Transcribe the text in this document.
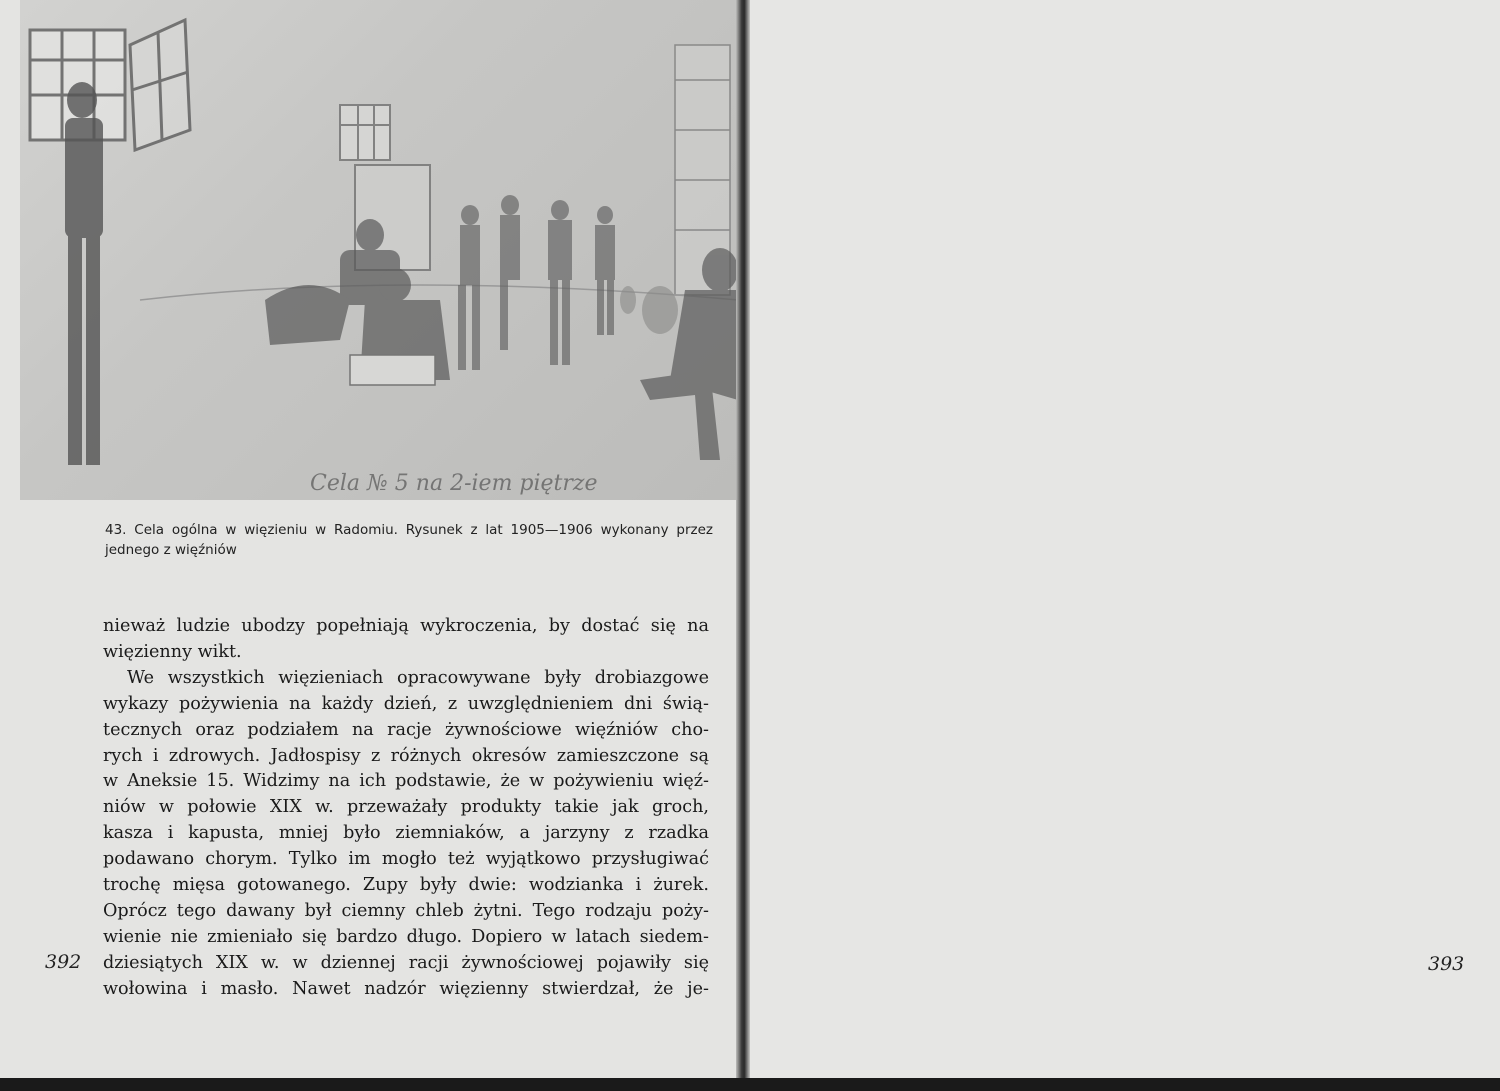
Cela № 5 na 2-iem piętrze
43. Cela ogólna w więzieniu w Radomiu. Rysunek z lat 1905—1906 wykonany przez jednego z więźniów
nieważ ludzie ubodzy popełniają wykroczenia, by dostać się na
więzienny wikt.
We wszystkich więzieniach opracowywane były drobiazgowe
wykazy pożywienia na każdy dzień, z uwzględnieniem dni świą-
tecznych oraz podziałem na racje żywnościowe więźniów cho-
rych i zdrowych. Jadłospisy z różnych okresów zamieszczone są
w Aneksie 15. Widzimy na ich podstawie, że w pożywieniu więź-
niów w połowie XIX w. przeważały produkty takie jak groch,
kasza i kapusta, mniej było ziemniaków, a jarzyny z rzadka
podawano chorym. Tylko im mogło też wyjątkowo przysługiwać
trochę mięsa gotowanego. Zupy były dwie: wodzianka i żurek.
Oprócz tego dawany był ciemny chleb żytni. Tego rodzaju poży-
wienie nie zmieniało się bardzo długo. Dopiero w latach siedem-
dziesiątych XIX w. w dziennej racji żywnościowej pojawiły się
wołowina i masło. Nawet nadzór więzienny stwierdzał, że je-
392	393
